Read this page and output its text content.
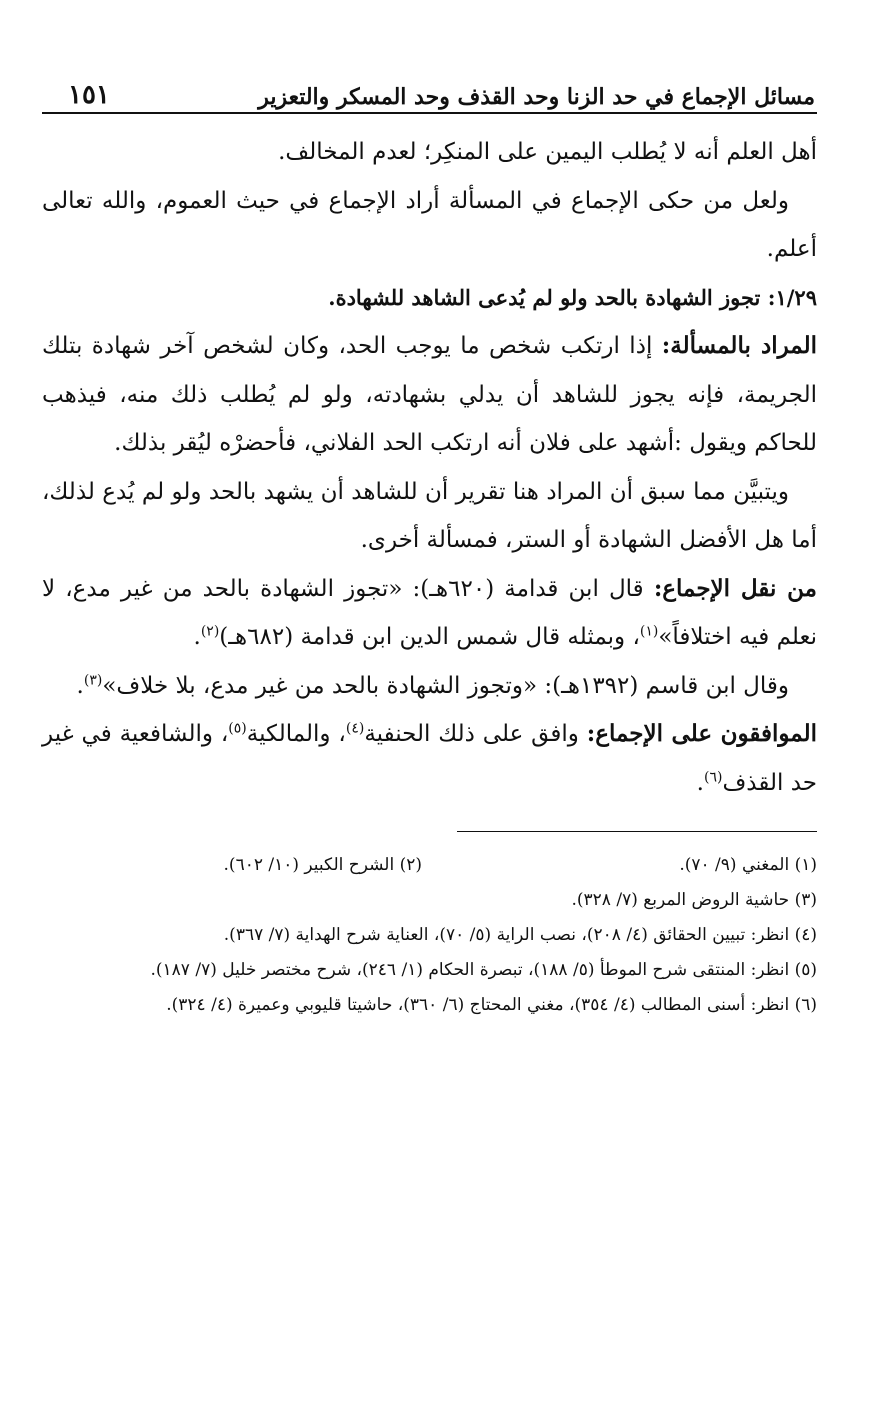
مسائل الإجماع في حد الزنا وحد القذف وحد المسكر والتعزير
١٥١

أهل العلم أنه لا يُطلب اليمين على المنكِر؛ لعدم المخالف.

ولعل من حكى الإجماع في المسألة أراد الإجماع في حيث العموم، والله تعالى أعلم.

١/٢٩: تجوز الشهادة بالحد ولو لم يُدعى الشاهد للشهادة.

المراد بالمسألة: إذا ارتكب شخص ما يوجب الحد، وكان لشخص آخر شهادة بتلك الجريمة، فإنه يجوز للشاهد أن يدلي بشهادته، ولو لم يُطلب ذلك منه، فيذهب للحاكم ويقول :أشهد على فلان أنه ارتكب الحد الفلاني، فأحضرْه ليُقر بذلك.

ويتبيَّن مما سبق أن المراد هنا تقرير أن للشاهد أن يشهد بالحد ولو لم يُدع لذلك، أما هل الأفضل الشهادة أو الستر، فمسألة أخرى.

من نقل الإجماع: قال ابن قدامة (٦٢٠هـ): «تجوز الشهادة بالحد من غير مدع، لا نعلم فيه اختلافاً»$^{(١)}$، وبمثله قال شمس الدين ابن قدامة (٦٨٢هـ)$^{(٢)}$.

وقال ابن قاسم (١٣٩٢هـ): «وتجوز الشهادة بالحد من غير مدع، بلا خلاف»$^{(٣)}$.

الموافقون على الإجماع: وافق على ذلك الحنفية$^{(٤)}$، والمالكية$^{(٥)}$، والشافعية في غير حد القذف$^{(٦)}$.

(١) المغني (٩/ ٧٠).
(٢) الشرح الكبير (١٠/ ٦٠٢).
(٣) حاشية الروض المربع (٧/ ٣٢٨).
(٤) انظر: تبيين الحقائق (٤/ ٢٠٨)، نصب الراية (٥/ ٧٠)، العناية شرح الهداية (٧/ ٣٦٧).
(٥) انظر: المنتقى شرح الموطأ (٥/ ١٨٨)، تبصرة الحكام (١/ ٢٤٦)، شرح مختصر خليل (٧/ ١٨٧).
(٦) انظر: أسنى المطالب (٤/ ٣٥٤)، مغني المحتاج (٦/ ٣٦٠)، حاشيتا قليوبي وعميرة (٤/ ٣٢٤).
